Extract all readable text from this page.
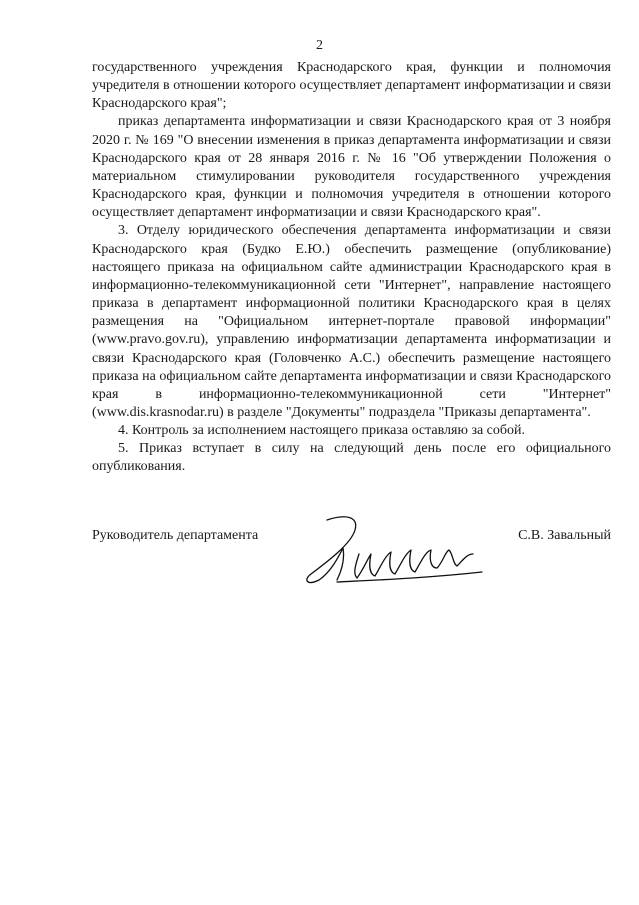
2

государственного учреждения Краснодарского края, функции и полномочия учредителя в отношении которого осуществляет департамент информатизации и связи Краснодарского края";

приказ департамента информатизации и связи Краснодарского края от 3 ноября 2020 г. № 169 "О внесении изменения в приказ департамента информатизации и связи Краснодарского края от 28 января 2016 г. № 16 "Об утверждении Положения о материальном стимулировании руководителя государственного учреждения Краснодарского края, функции и полномочия учредителя в отношении которого осуществляет департамент информатизации и связи Краснодарского края".

3. Отделу юридического обеспечения департамента информатизации и связи Краснодарского края (Будко Е.Ю.) обеспечить размещение (опубликование) настоящего приказа на официальном сайте администрации Краснодарского края в информационно-телекоммуникационной сети "Интернет", направление настоящего приказа в департамент информационной политики Краснодарского края в целях размещения на "Официальном интернет-портале правовой информации" (www.pravo.gov.ru), управлению информатизации департамента информатизации и связи Краснодарского края (Головченко А.С.) обеспечить размещение настоящего приказа на официальном сайте департамента информатизации и связи Краснодарского края в информационно-телекоммуникационной сети "Интернет" (www.dis.krasnodar.ru) в разделе "Документы" подраздела "Приказы департамента".

4. Контроль за исполнением настоящего приказа оставляю за собой.

5. Приказ вступает в силу на следующий день после его официального опубликования.

Руководитель департамента	С.В. Завальный
